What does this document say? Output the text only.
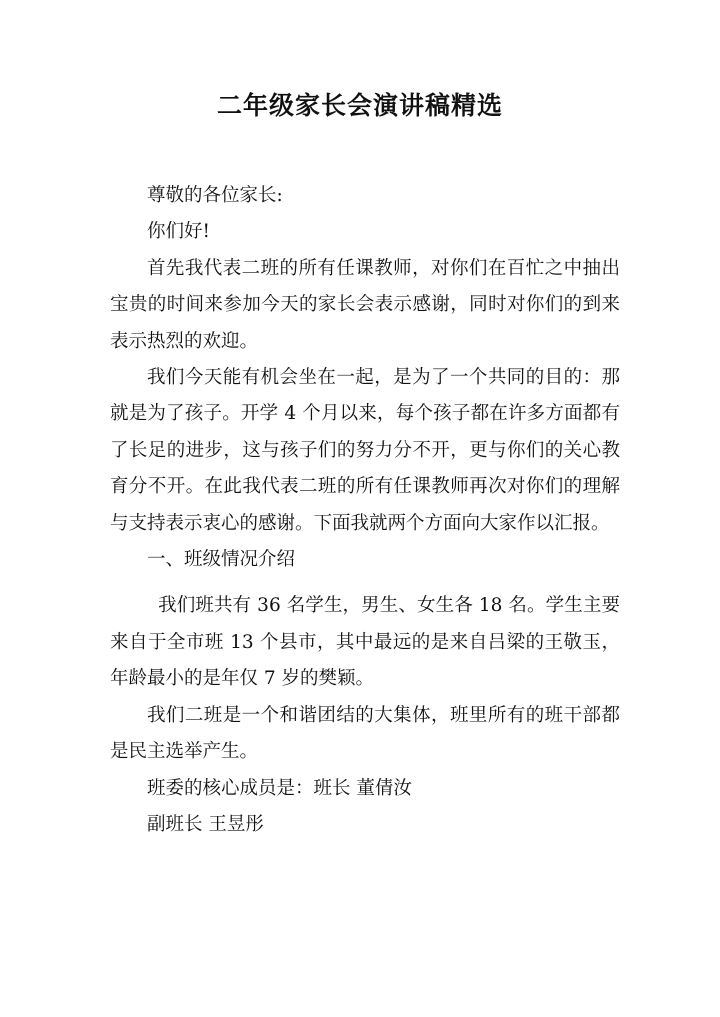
二年级家长会演讲稿精选

尊敬的各位家长:

你们好!

首先我代表二班的所有任课教师，对你们在百忙之中抽出宝贵的时间来参加今天的家长会表示感谢，同时对你们的到来表示热烈的欢迎。

我们今天能有机会坐在一起，是为了一个共同的目的：那就是为了孩子。开学 4 个月以来，每个孩子都在许多方面都有了长足的进步，这与孩子们的努力分不开，更与你们的关心教育分不开。在此我代表二班的所有任课教师再次对你们的理解与支持表示衷心的感谢。下面我就两个方面向大家作以汇报。

一、班级情况介绍

我们班共有 36 名学生，男生、女生各 18 名。学生主要来自于全市班 13 个县市，其中最远的是来自吕梁的王敬玉，年龄最小的是年仅 7 岁的樊颖。

我们二班是一个和谐团结的大集体，班里所有的班干部都是民主选举产生。

班委的核心成员是：班长 董倩汝

副班长 王昱彤
